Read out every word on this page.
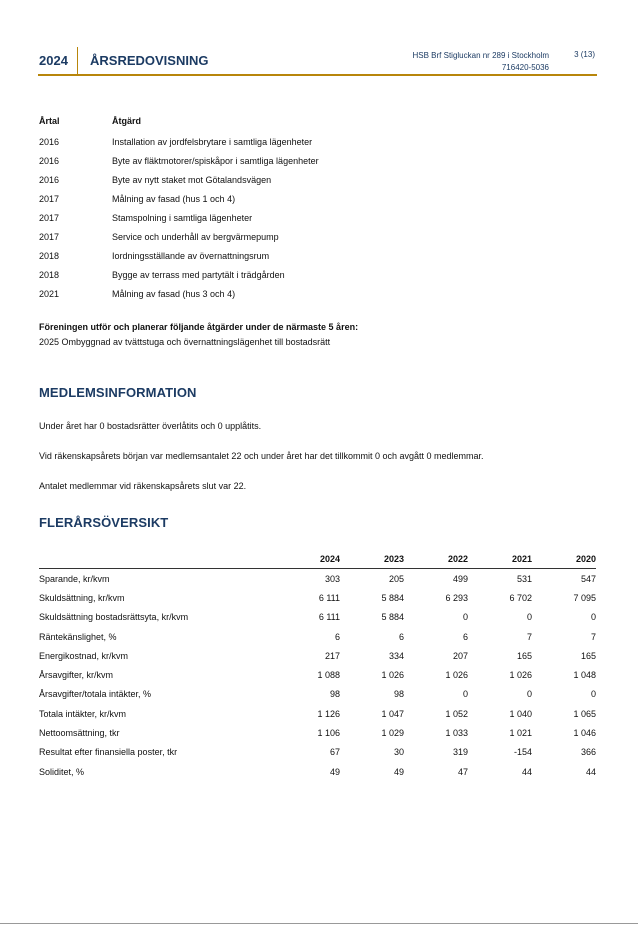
2024 ÅRSREDOVISNING	HSB Brf Stigluckan nr 289 i Stockholm
716420-5036
3 (13)
Årtal	Åtgärd
2016	Installation av jordfelsbrytare i samtliga lägenheter
2016	Byte av fläktmotorer/spiskåpor i samtliga lägenheter
2016	Byte av nytt staket mot Götalandsvägen
2017	Målning av fasad (hus 1 och 4)
2017	Stamspolning i samtliga lägenheter
2017	Service och underhåll av bergvärmepump
2018	Iordningsställande av övernattningsrum
2018	Bygge av terrass med partytält i trädgården
2021	Målning av fasad (hus 3 och 4)
Föreningen utför och planerar följande åtgärder under de närmaste 5 åren:
2025 Ombyggnad av tvättstuga och övernattningslägenhet till bostadsrätt
MEDLEMSINFORMATION
Under året har 0 bostadsrätter överlåtits och 0 upplåtits.
Vid räkenskapsårets början var medlemsantalet 22 och under året har det tillkommit 0 och avgått 0 medlemmar.
Antalet medlemmar vid räkenskapsårets slut var 22.
FLERÅRSÖVERSIKT
2024	2023	2022	2021	2020
Sparande, kr/kvm	303	205	499	531	547
Skuldsättning, kr/kvm	6 111	5 884	6 293	6 702	7 095
Skuldsättning bostadsrättsyta, kr/kvm	6 111	5 884	0	0	0
Räntekänslighet, %	6	6	6	7	7
Energikostnad, kr/kvm	217	334	207	165	165
Årsavgifter, kr/kvm	1 088	1 026	1 026	1 026	1 048
Årsavgifter/totala intäkter, %	98	98	0	0	0
Totala intäkter, kr/kvm	1 126	1 047	1 052	1 040	1 065
Nettoomsättning, tkr	1 106	1 029	1 033	1 021	1 046
Resultat efter finansiella poster, tkr	67	30	319	-154	366
Soliditet, %	49	49	47	44	44
